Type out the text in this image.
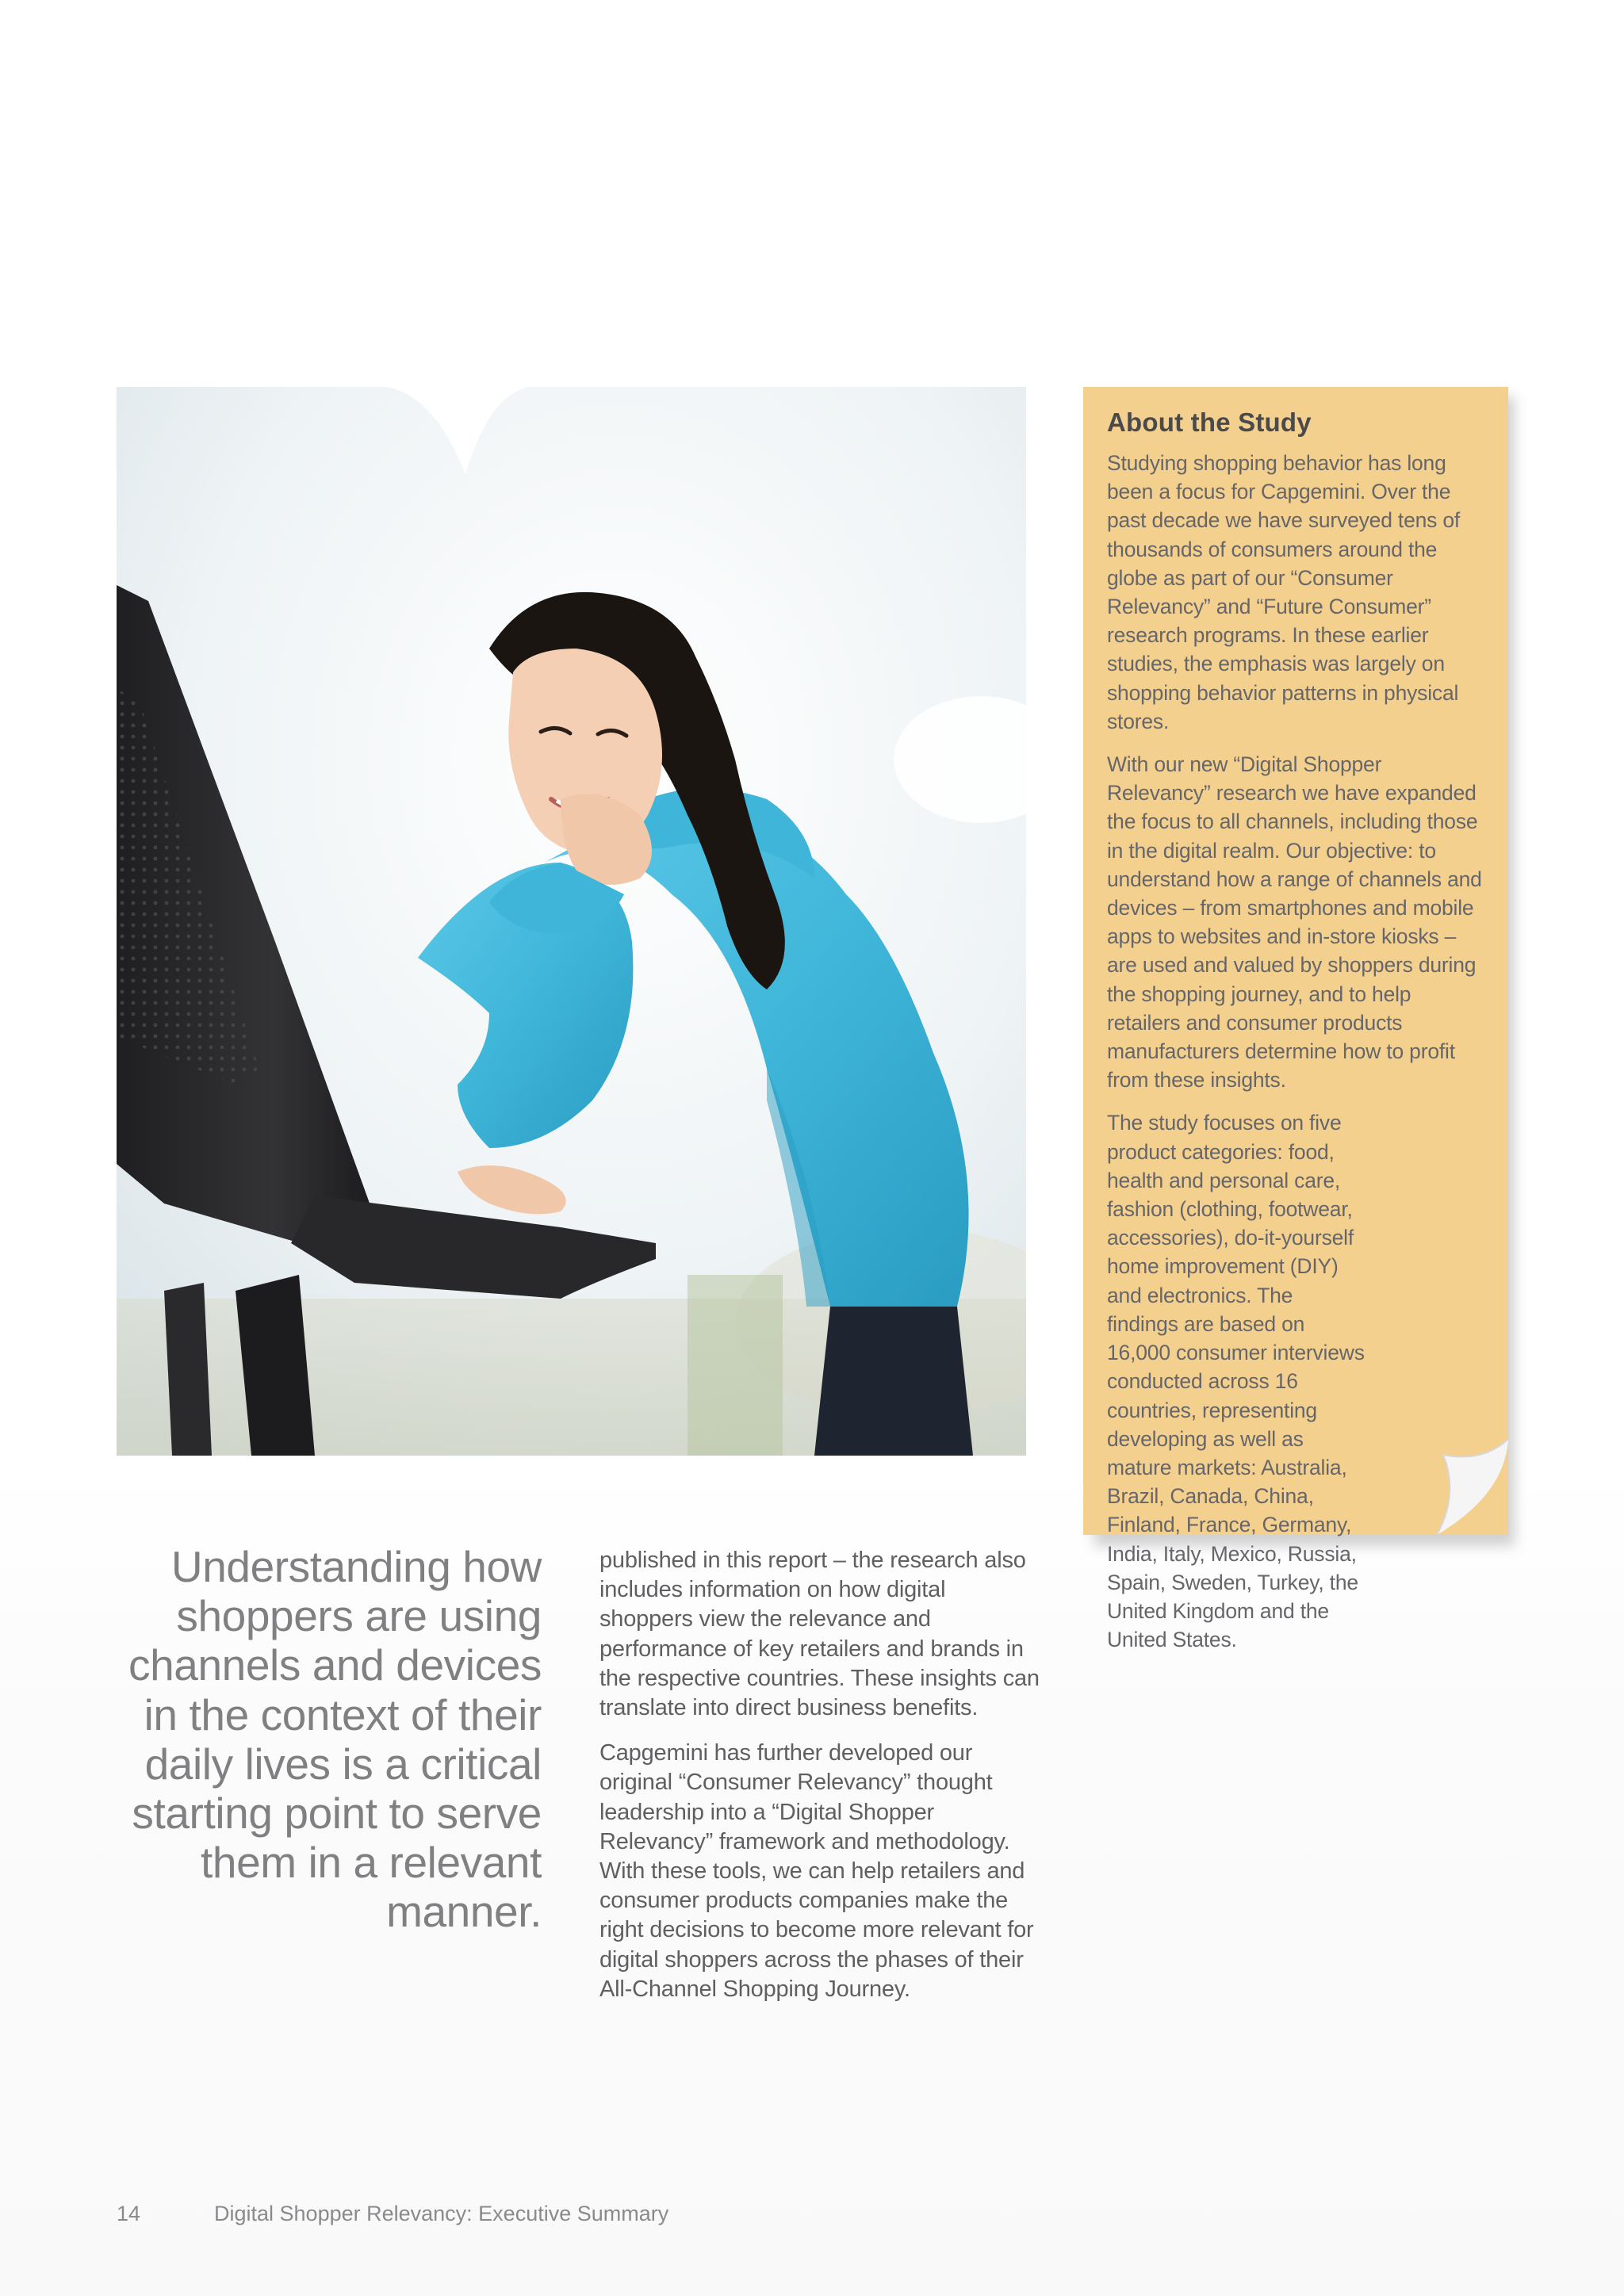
About the Study

Studying shopping behavior has long been a focus for Capgemini. Over the past decade we have surveyed tens of thousands of consumers around the globe as part of our “Consumer Relevancy” and “Future Consumer” research programs. In these earlier studies, the emphasis was largely on shopping behavior patterns in physical stores.

With our new “Digital Shopper Relevancy” research we have expanded the focus to all channels, including those in the digital realm. Our objective: to understand how a range of channels and devices – from smartphones and mobile apps to websites and in-store kiosks – are used and valued by shoppers during the shopping journey, and to help retailers and consumer products manufacturers determine how to profit from these insights.

The study focuses on five product categories: food, health and personal care, fashion (clothing, footwear, accessories), do-it-yourself home improvement (DIY) and electronics. The findings are based on 16,000 consumer interviews conducted across 16 countries, representing developing as well as mature markets: Australia, Brazil, Canada, China, Finland, France, Germany, India, Italy, Mexico, Russia, Spain, Sweden, Turkey, the United Kingdom and the United States.

Understanding how shoppers are using channels and devices in the context of their daily lives is a critical starting point to serve them in a relevant manner.

published in this report – the research also includes information on how digital shoppers view the relevance and performance of key retailers and brands in the respective countries. These insights can translate into direct business benefits.

Capgemini has further developed our original “Consumer Relevancy” thought leadership into a “Digital Shopper Relevancy” framework and methodology. With these tools, we can help retailers and consumer products companies make the right decisions to become more relevant for digital shoppers across the phases of their All-Channel Shopping Journey.

14	Digital Shopper Relevancy: Executive Summary
